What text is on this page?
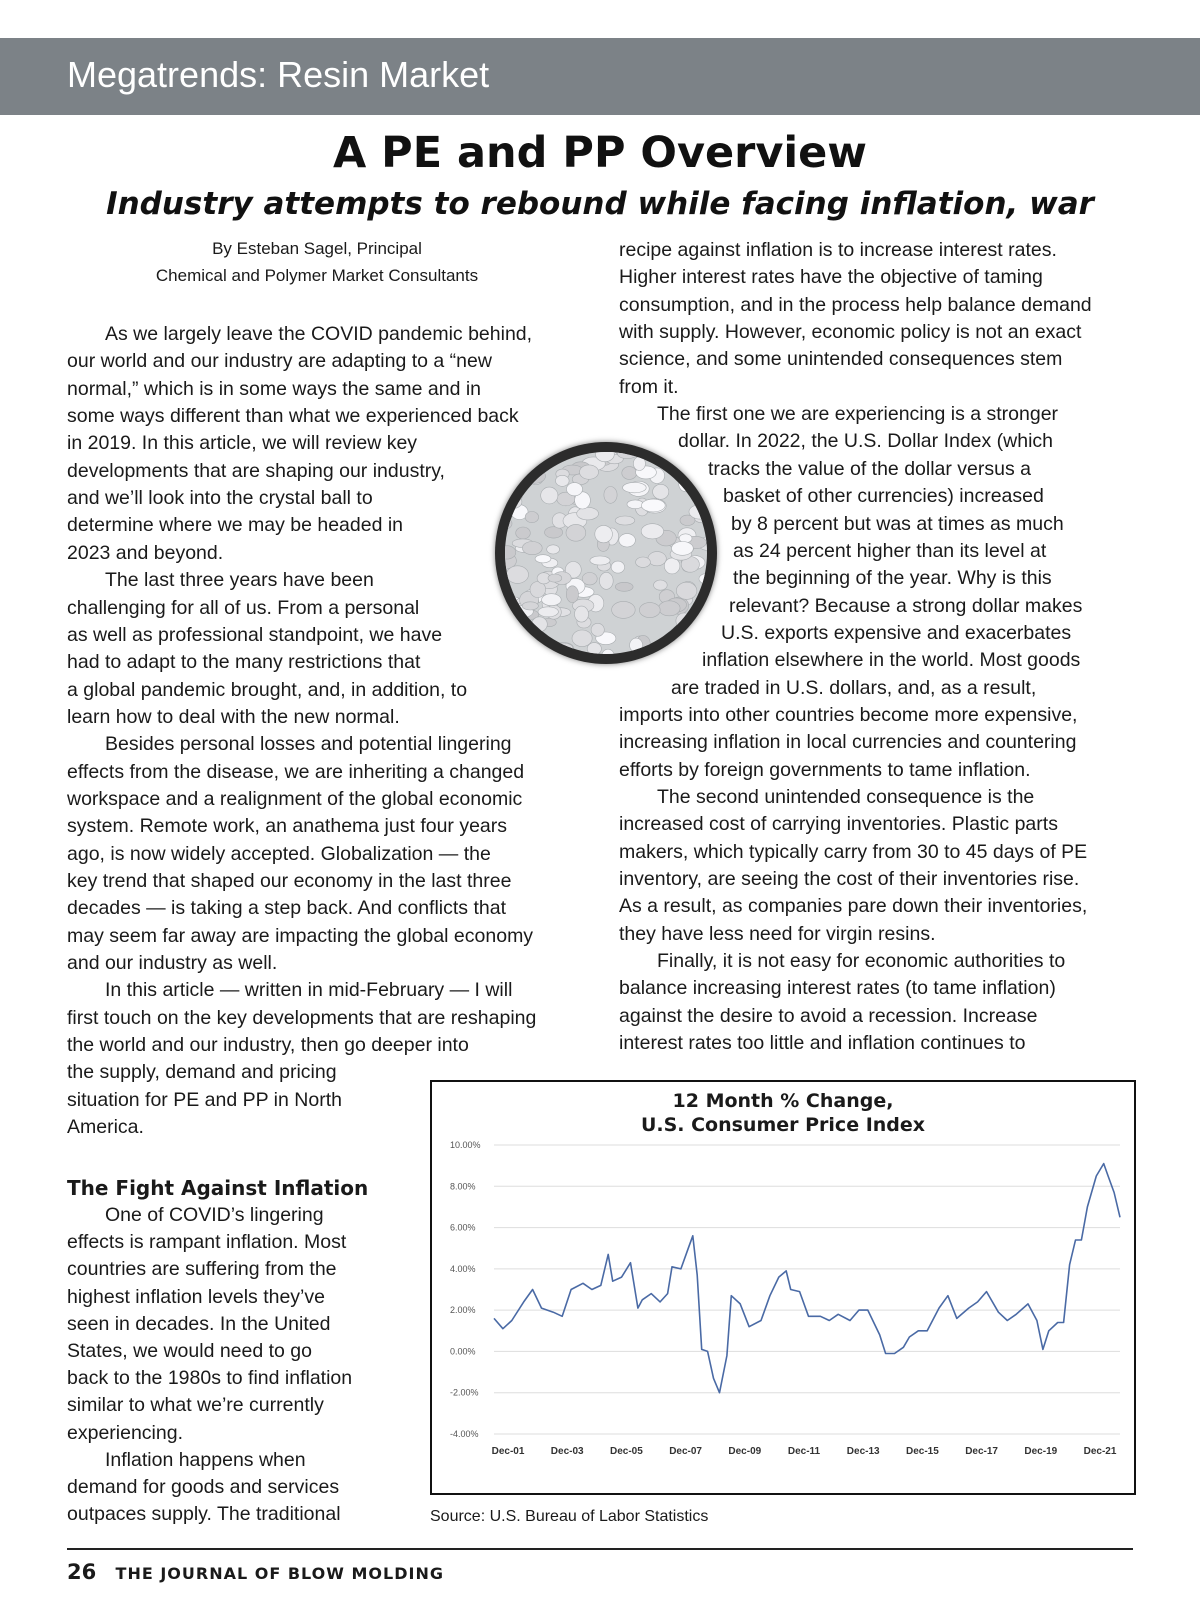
Megatrends: Resin Market
A PE and PP Overview
Industry attempts to rebound while facing inflation, war
By Esteban Sagel, Principal
Chemical and Polymer Market Consultants
As we largely leave the COVID pandemic behind,
our world and our industry are adapting to a “new
normal,” which is in some ways the same and in
some ways different than what we experienced back
in 2019. In this article, we will review key
developments that are shaping our industry,
and we’ll look into the crystal ball to
determine where we may be headed in
2023 and beyond.
The last three years have been
challenging for all of us. From a personal
as well as professional standpoint, we have
had to adapt to the many restrictions that
a global pandemic brought, and, in addition, to
learn how to deal with the new normal.
Besides personal losses and potential lingering
effects from the disease, we are inheriting a changed
workspace and a realignment of the global economic
system. Remote work, an anathema just four years
ago, is now widely accepted. Globalization — the
key trend that shaped our economy in the last three
decades — is taking a step back. And conflicts that
may seem far away are impacting the global economy
and our industry as well.
In this article — written in mid-February — I will
first touch on the key developments that are reshaping
the world and our industry, then go deeper into
the supply, demand and pricing
situation for PE and PP in North
America.
The Fight Against Inflation
One of COVID’s lingering
effects is rampant inflation. Most
countries are suffering from the
highest inflation levels they’ve
seen in decades. In the United
States, we would need to go
back to the 1980s to find inflation
similar to what we’re currently
experiencing.
Inflation happens when
demand for goods and services
outpaces supply. The traditional
recipe against inflation is to increase interest rates.
Higher interest rates have the objective of taming
consumption, and in the process help balance demand
with supply. However, economic policy is not an exact
science, and some unintended consequences stem
from it.
The first one we are experiencing is a stronger
dollar. In 2022, the U.S. Dollar Index (which
tracks the value of the dollar versus a
basket of other currencies) increased
by 8 percent but was at times as much
as 24 percent higher than its level at
the beginning of the year. Why is this
relevant? Because a strong dollar makes
U.S. exports expensive and exacerbates
inflation elsewhere in the world. Most goods
are traded in U.S. dollars, and, as a result,
imports into other countries become more expensive,
increasing inflation in local currencies and countering
efforts by foreign governments to tame inflation.
The second unintended consequence is the
increased cost of carrying inventories. Plastic parts
makers, which typically carry from 30 to 45 days of PE
inventory, are seeing the cost of their inventories rise.
As a result, as companies pare down their inventories,
they have less need for virgin resins.
Finally, it is not easy for economic authorities to
balance increasing interest rates (to tame inflation)
against the desire to avoid a recession. Increase
interest rates too little and inflation continues to
12 Month % Change,
U.S. Consumer Price Index
10.00%
8.00%
6.00%
4.00%
2.00%
0.00%
-2.00%
-4.00%
Dec-01	Dec-03	Dec-05	Dec-07	Dec-09	Dec-11	Dec-13	Dec-15	Dec-17	Dec-19	Dec-21
Source: U.S. Bureau of Labor Statistics
26 THE JOURNAL OF BLOW MOLDING
